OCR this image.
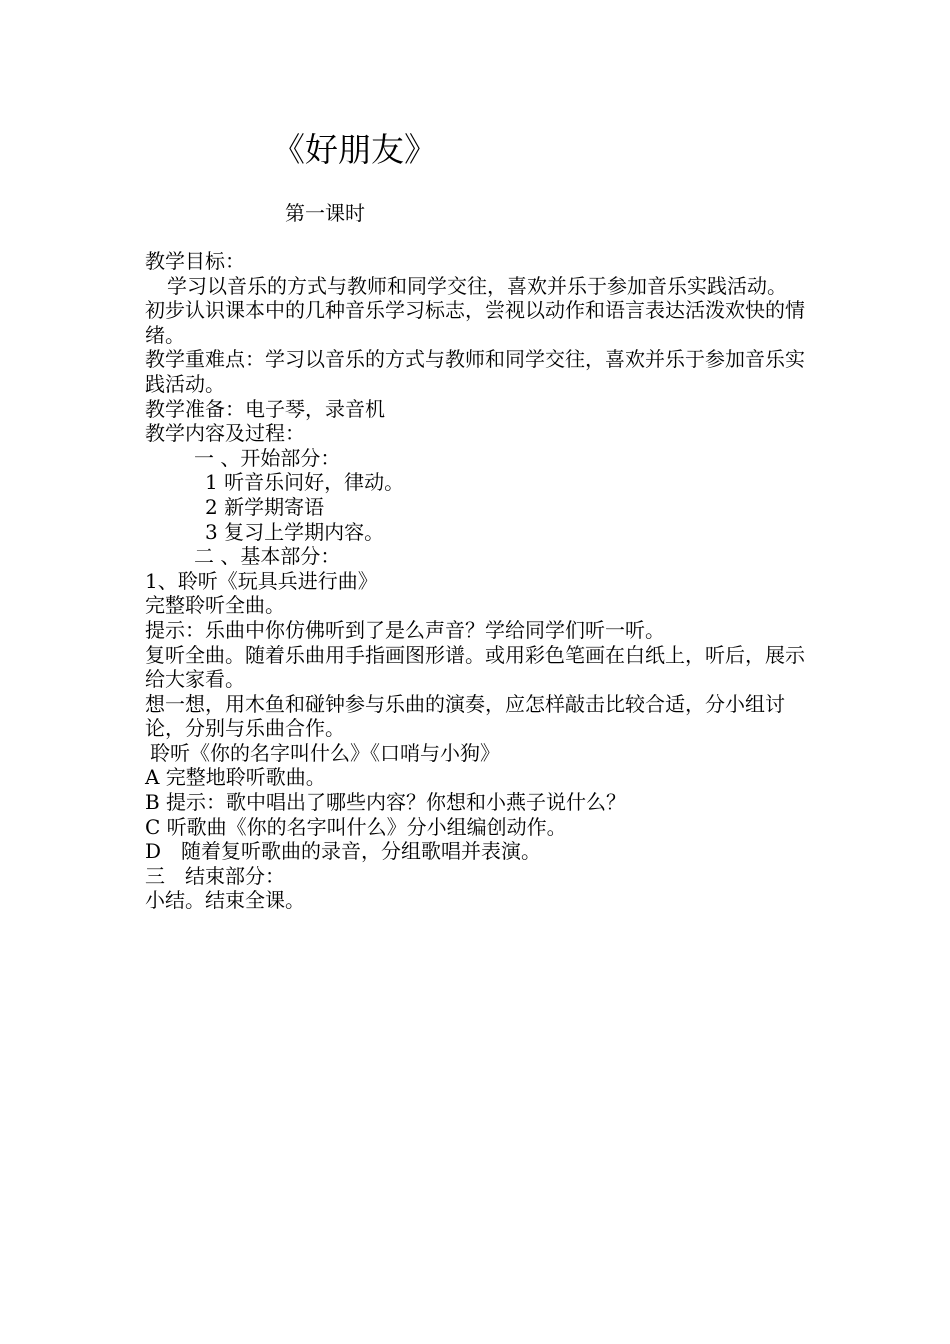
《好朋友》

第一课时

教学目标：
学习以音乐的方式与教师和同学交往，喜欢并乐于参加音乐实践活动。
初步认识课本中的几种音乐学习标志，尝视以动作和语言表达活泼欢快的情绪。
教学重难点：学习以音乐的方式与教师和同学交往，喜欢并乐于参加音乐实践活动。
教学准备：电子琴，录音机
教学内容及过程：
一 、开始部分：
1 听音乐问好，律动。
2 新学期寄语
3 复习上学期内容。
二 、基本部分：
1、聆听《玩具兵进行曲》
完整聆听全曲。
提示：乐曲中你仿佛听到了是么声音？学给同学们听一听。
复听全曲。随着乐曲用手指画图形谱。或用彩色笔画在白纸上，听后，展示给大家看。
想一想，用木鱼和碰钟参与乐曲的演奏，应怎样敲击比较合适，分小组讨论，分别与乐曲合作。
聆听《你的名字叫什么》《口哨与小狗》
A 完整地聆听歌曲。
B 提示：歌中唱出了哪些内容？你想和小燕子说什么？
C 听歌曲《你的名字叫什么》分小组编创动作。
D　随着复听歌曲的录音，分组歌唱并表演。
三　结束部分：
小结。结束全课。
